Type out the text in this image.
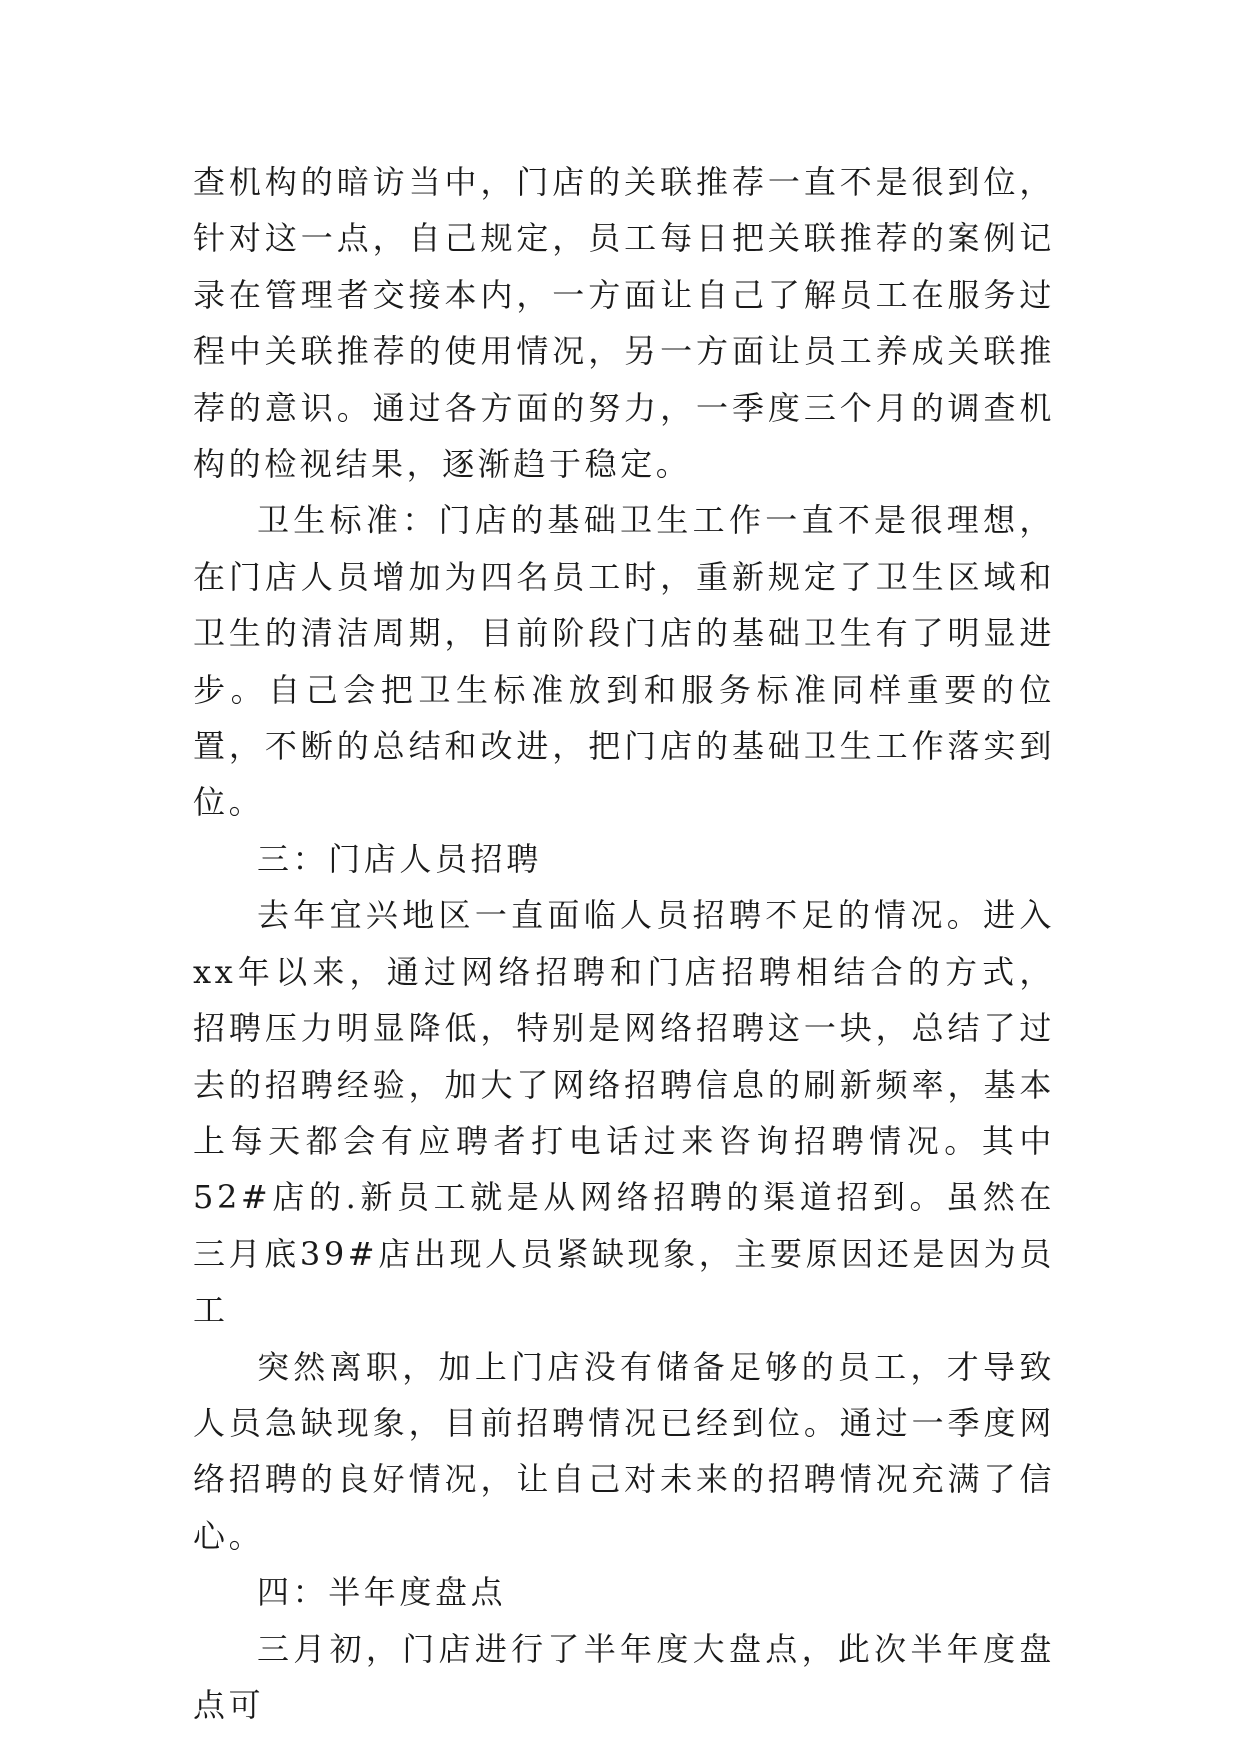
查机构的暗访当中，门店的关联推荐一直不是很到位，针对这一点，自己规定，员工每日把关联推荐的案例记录在管理者交接本内，一方面让自己了解员工在服务过程中关联推荐的使用情况，另一方面让员工养成关联推荐的意识。通过各方面的努力，一季度三个月的调查机构的检视结果，逐渐趋于稳定。

卫生标准：门店的基础卫生工作一直不是很理想，在门店人员增加为四名员工时，重新规定了卫生区域和卫生的清洁周期，目前阶段门店的基础卫生有了明显进步。自己会把卫生标准放到和服务标准同样重要的位置，不断的总结和改进，把门店的基础卫生工作落实到位。

三：门店人员招聘

去年宜兴地区一直面临人员招聘不足的情况。进入xx年以来，通过网络招聘和门店招聘相结合的方式，招聘压力明显降低，特别是网络招聘这一块，总结了过去的招聘经验，加大了网络招聘信息的刷新频率，基本上每天都会有应聘者打电话过来咨询招聘情况。其中52#店的.新员工就是从网络招聘的渠道招到。虽然在三月底39#店出现人员紧缺现象，主要原因还是因为员工

突然离职，加上门店没有储备足够的员工，才导致人员急缺现象，目前招聘情况已经到位。通过一季度网络招聘的良好情况，让自己对未来的招聘情况充满了信心。

四：半年度盘点

三月初，门店进行了半年度大盘点，此次半年度盘点可
